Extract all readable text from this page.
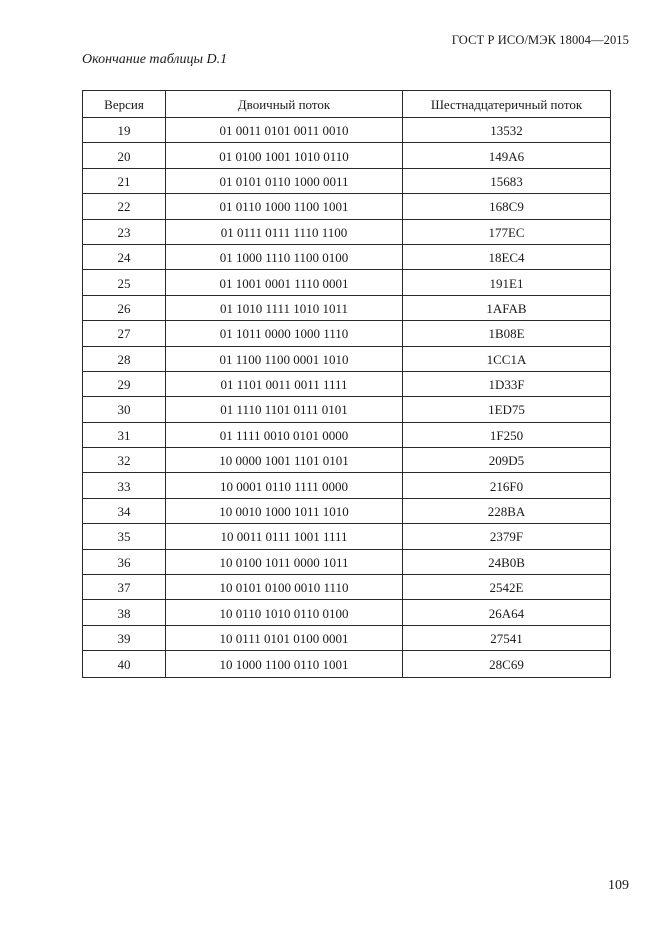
ГОСТ Р ИСО/МЭК 18004—2015
Окончание таблицы D.1
Версия	Двоичный поток	Шестнадцатеричный поток
19	01 0011 0101 0011 0010	13532
20	01 0100 1001 1010 0110	149A6
21	01 0101 0110 1000 0011	15683
22	01 0110 1000 1100 1001	168C9
23	01 0111 0111 1110 1100	177EC
24	01 1000 1110 1100 0100	18EC4
25	01 1001 0001 1110 0001	191E1
26	01 1010 1111 1010 1011	1AFAB
27	01 1011 0000 1000 1110	1B08E
28	01 1100 1100 0001 1010	1CC1A
29	01 1101 0011 0011 1111	1D33F
30	01 1110 1101 0111 0101	1ED75
31	01 1111 0010 0101 0000	1F250
32	10 0000 1001 1101 0101	209D5
33	10 0001 0110 1111 0000	216F0
34	10 0010 1000 1011 1010	228BA
35	10 0011 0111 1001 1111	2379F
36	10 0100 1011 0000 1011	24B0B
37	10 0101 0100 0010 1110	2542E
38	10 0110 1010 0110 0100	26A64
39	10 0111 0101 0100 0001	27541
40	10 1000 1100 0110 1001	28C69
109
